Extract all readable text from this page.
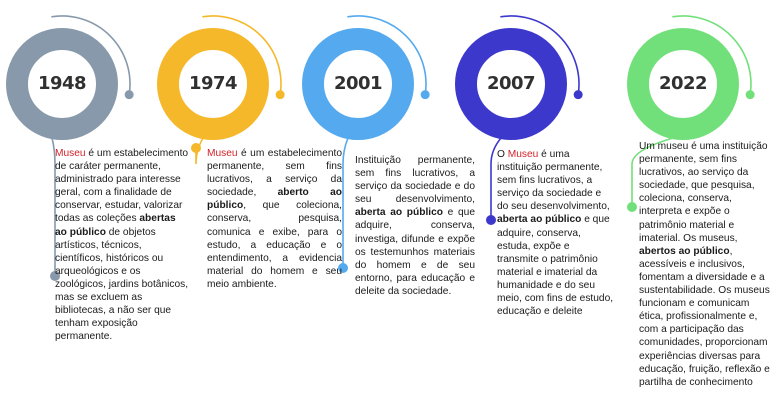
1948
Museu é um estabelecimento de caráter permanente, administrado para interesse geral, com a finalidade de conservar, estudar, valorizar todas as coleções abertas ao público de objetos artísticos, técnicos, científicos, históricos ou arqueológicos e os zoológicos, jardins botânicos, mas se excluem as bibliotecas, a não ser que tenham exposição permanente.
1974
Museu é um estabelecimento permanente, sem fins lucrativos, a serviço da sociedade, aberto ao público, que coleciona, conserva, pesquisa, comunica e exibe, para o estudo, a educação e o entendimento, a evidencia material do homem e seu meio ambiente.
2001
Instituição permanente, sem fins lucrativos, a serviço da sociedade e do seu desenvolvimento, aberta ao público e que adquire, conserva, investiga, difunde e expõe os testemunhos materiais do homem e de seu entorno, para educação e deleite da sociedade.
2007
O Museu é uma instituição permanente, sem fins lucrativos, a serviço da sociedade e do seu desenvolvimento, aberta ao público e que adquire, conserva, estuda, expõe e transmite o patrimônio material e imaterial da humanidade e do seu meio, com fins de estudo, educação e deleite
2022
Um museu é uma instituição permanente, sem fins lucrativos, ao serviço da sociedade, que pesquisa, coleciona, conserva, interpreta e expõe o patrimônio material e imaterial. Os museus, abertos ao público, acessíveis e inclusivos, fomentam a diversidade e a sustentabilidade. Os museus funcionam e comunicam ética, profissionalmente e, com a participação das comunidades, proporcionam experiências diversas para educação, fruição, reflexão e partilha de conhecimento
